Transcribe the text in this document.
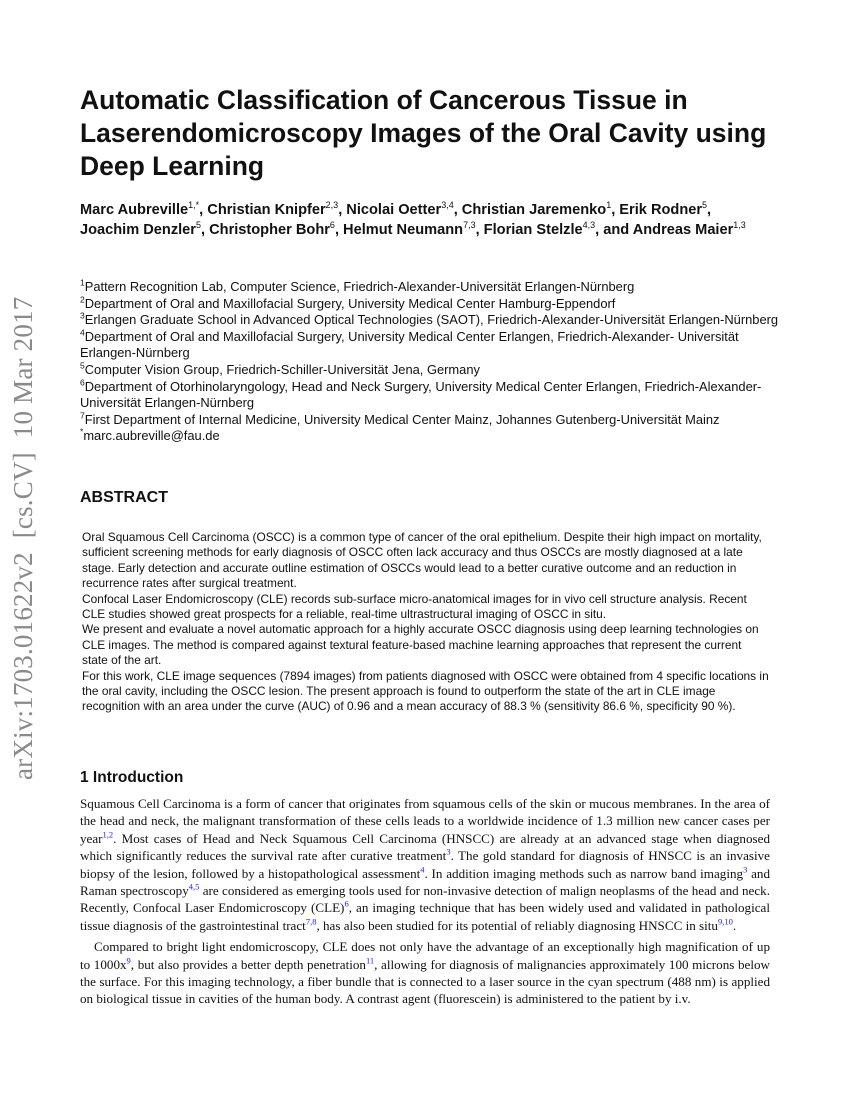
arXiv:1703.01622v2  [cs.CV]  10 Mar 2017
Automatic Classification of Cancerous Tissue in Laserendomicroscopy Images of the Oral Cavity using Deep Learning
Marc Aubreville$^{1,*}$, Christian Knipfer$^{2,3}$, Nicolai Oetter$^{3,4}$, Christian Jaremenko$^1$, Erik Rodner$^5$, Joachim Denzler$^5$, Christopher Bohr$^6$, Helmut Neumann$^{7,3}$, Florian Stelzle$^{4,3}$, and Andreas Maier$^{1,3}$
$^1$Pattern Recognition Lab, Computer Science, Friedrich-Alexander-Universität Erlangen-Nürnberg
$^2$Department of Oral and Maxillofacial Surgery, University Medical Center Hamburg-Eppendorf
$^3$Erlangen Graduate School in Advanced Optical Technologies (SAOT), Friedrich-Alexander-Universität Erlangen-Nürnberg
$^4$Department of Oral and Maxillofacial Surgery, University Medical Center Erlangen, Friedrich-Alexander- Universität Erlangen-Nürnberg
$^5$Computer Vision Group, Friedrich-Schiller-Universität Jena, Germany
$^6$Department of Otorhinolaryngology, Head and Neck Surgery, University Medical Center Erlangen, Friedrich-Alexander-Universität Erlangen-Nürnberg
$^7$First Department of Internal Medicine, University Medical Center Mainz, Johannes Gutenberg-Universität Mainz
*marc.aubreville@fau.de
ABSTRACT

Oral Squamous Cell Carcinoma (OSCC) is a common type of cancer of the oral epithelium. Despite their high impact on mortality, sufficient screening methods for early diagnosis of OSCC often lack accuracy and thus OSCCs are mostly diagnosed at a late stage. Early detection and accurate outline estimation of OSCCs would lead to a better curative outcome and an reduction in recurrence rates after surgical treatment.

Confocal Laser Endomicroscopy (CLE) records sub-surface micro-anatomical images for in vivo cell structure analysis. Recent CLE studies showed great prospects for a reliable, real-time ultrastructural imaging of OSCC in situ.

We present and evaluate a novel automatic approach for a highly accurate OSCC diagnosis using deep learning technologies on CLE images. The method is compared against textural feature-based machine learning approaches that represent the current state of the art.

For this work, CLE image sequences (7894 images) from patients diagnosed with OSCC were obtained from 4 specific locations in the oral cavity, including the OSCC lesion. The present approach is found to outperform the state of the art in CLE image recognition with an area under the curve (AUC) of 0.96 and a mean accuracy of 88.3 % (sensitivity 86.6 %, specificity 90 %).

1 Introduction

Squamous Cell Carcinoma is a form of cancer that originates from squamous cells of the skin or mucous membranes. In the area of the head and neck, the malignant transformation of these cells leads to a worldwide incidence of 1.3 million new cancer cases per year$^{1,2}$. Most cases of Head and Neck Squamous Cell Carcinoma (HNSCC) are already at an advanced stage when diagnosed which significantly reduces the survival rate after curative treatment$^3$. The gold standard for diagnosis of HNSCC is an invasive biopsy of the lesion, followed by a histopathological assessment$^4$. In addition imaging methods such as narrow band imaging$^3$ and Raman spectroscopy$^{4,5}$ are considered as emerging tools used for non-invasive detection of malign neoplasms of the head and neck. Recently, Confocal Laser Endomicroscopy (CLE)$^6$, an imaging technique that has been widely used and validated in pathological tissue diagnosis of the gastrointestinal tract$^{7,8}$, has also been studied for its potential of reliably diagnosing HNSCC in situ$^{9,10}$.

Compared to bright light endomicroscopy, CLE does not only have the advantage of an exceptionally high magnification of up to $1000x^9$, but also provides a better depth penetration$^{11}$, allowing for diagnosis of malignancies approximately 100 microns below the surface. For this imaging technology, a fiber bundle that is connected to a laser source in the cyan spectrum (488 nm) is applied on biological tissue in cavities of the human body. A contrast agent (fluorescein) is administered to the patient by i.v.
